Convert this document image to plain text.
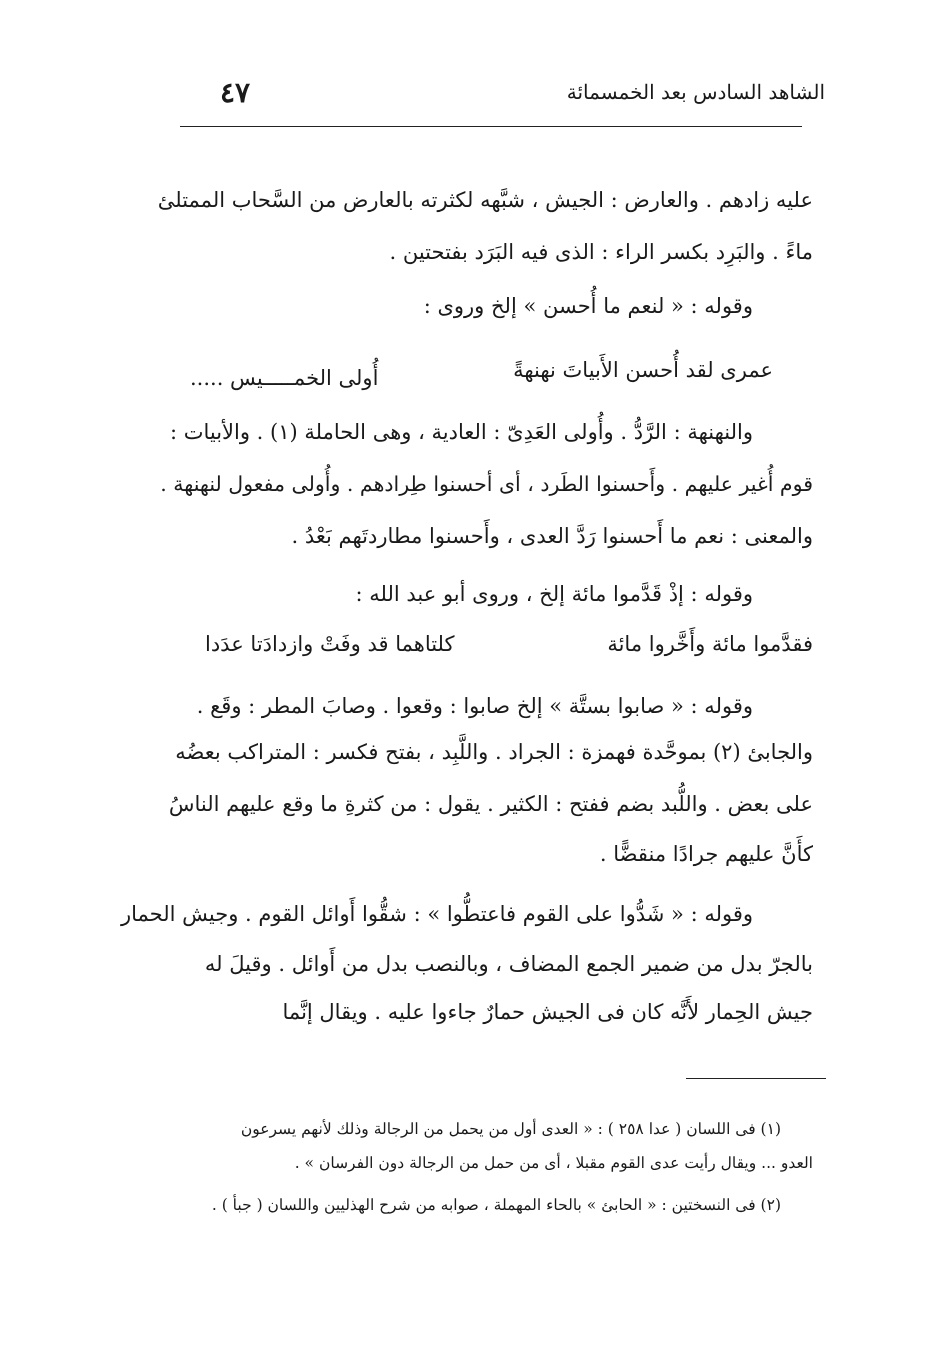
الشاهد السادس بعد الخمسمائة
٤٧
عليه زادهم . والعارض : الجيش ، شبَّهه لكثرته بالعارض من السَّحاب الممتلئ
ماءً . والبَرِد بكسر الراء : الذى فيه البَرَد بفتحتين .
وقوله : « لنعم ما أُحسن » إلخ وروى :
عمرى لقد أُحسن الأَبياتَ نهنهةً
أُولى الخمـــــيس .....
والنهنهة : الرَّدُّ . وأُولى العَدِىّ : العادية ، وهى الحاملة (١) . والأبيات :
قوم أُغير عليهم . وأَحسنوا الطَرد ، أى أحسنوا طِرادهم . وأُولى مفعول لنهنهة .
والمعنى : نعم ما أَحسنوا رَدَّ العدى ، وأَحسنوا مطاردتَهم بَعْدُ .
وقوله : إذْ قَدَّموا مائة إلخ ، وروى أبو عبد الله :
فقدَّموا مائة وأَخَّروا مائة
كلتاهما قد وفَتْ وازدادَتا عدَدا
وقوله : « صابوا بستَّة » إلخ صابوا : وقعوا . وصابَ المطر : وقَع .
والجابئ (٢) بموحَّدة فهمزة : الجراد . واللَّبِد ، بفتح فكسر : المتراكب بعضُه
على بعض . واللُّبد بضم ففتح : الكثير . يقول : من كثرةِ ما وقع عليهم الناسُ
كأَنَّ عليهم جرادًا منقضًّا .
وقوله : « شَدُّوا على القوم فاعتطُّوا » : شقُّوا أَوائل القوم . وجيش الحمار
بالجرّ بدل من ضمير الجمع المضاف ، وبالنصب بدل من أَوائل . وقيلَ له
جيش الحِمار لأَنَّه كان فى الجيش حمارٌ جاءوا عليه . ويقال إنَّما
(١) فى اللسان ( عدا ٢٥٨ ) : « العدى أول من يحمل من الرجالة وذلك لأنهم يسرعون
العدو ... ويقال رأيت عدى القوم مقبلا ، أى من حمل من الرجالة دون الفرسان » .
(٢) فى النسختين : « الحابئ » بالحاء المهملة ، صوابه من شرح الهذليين واللسان ( جبأ ) .
